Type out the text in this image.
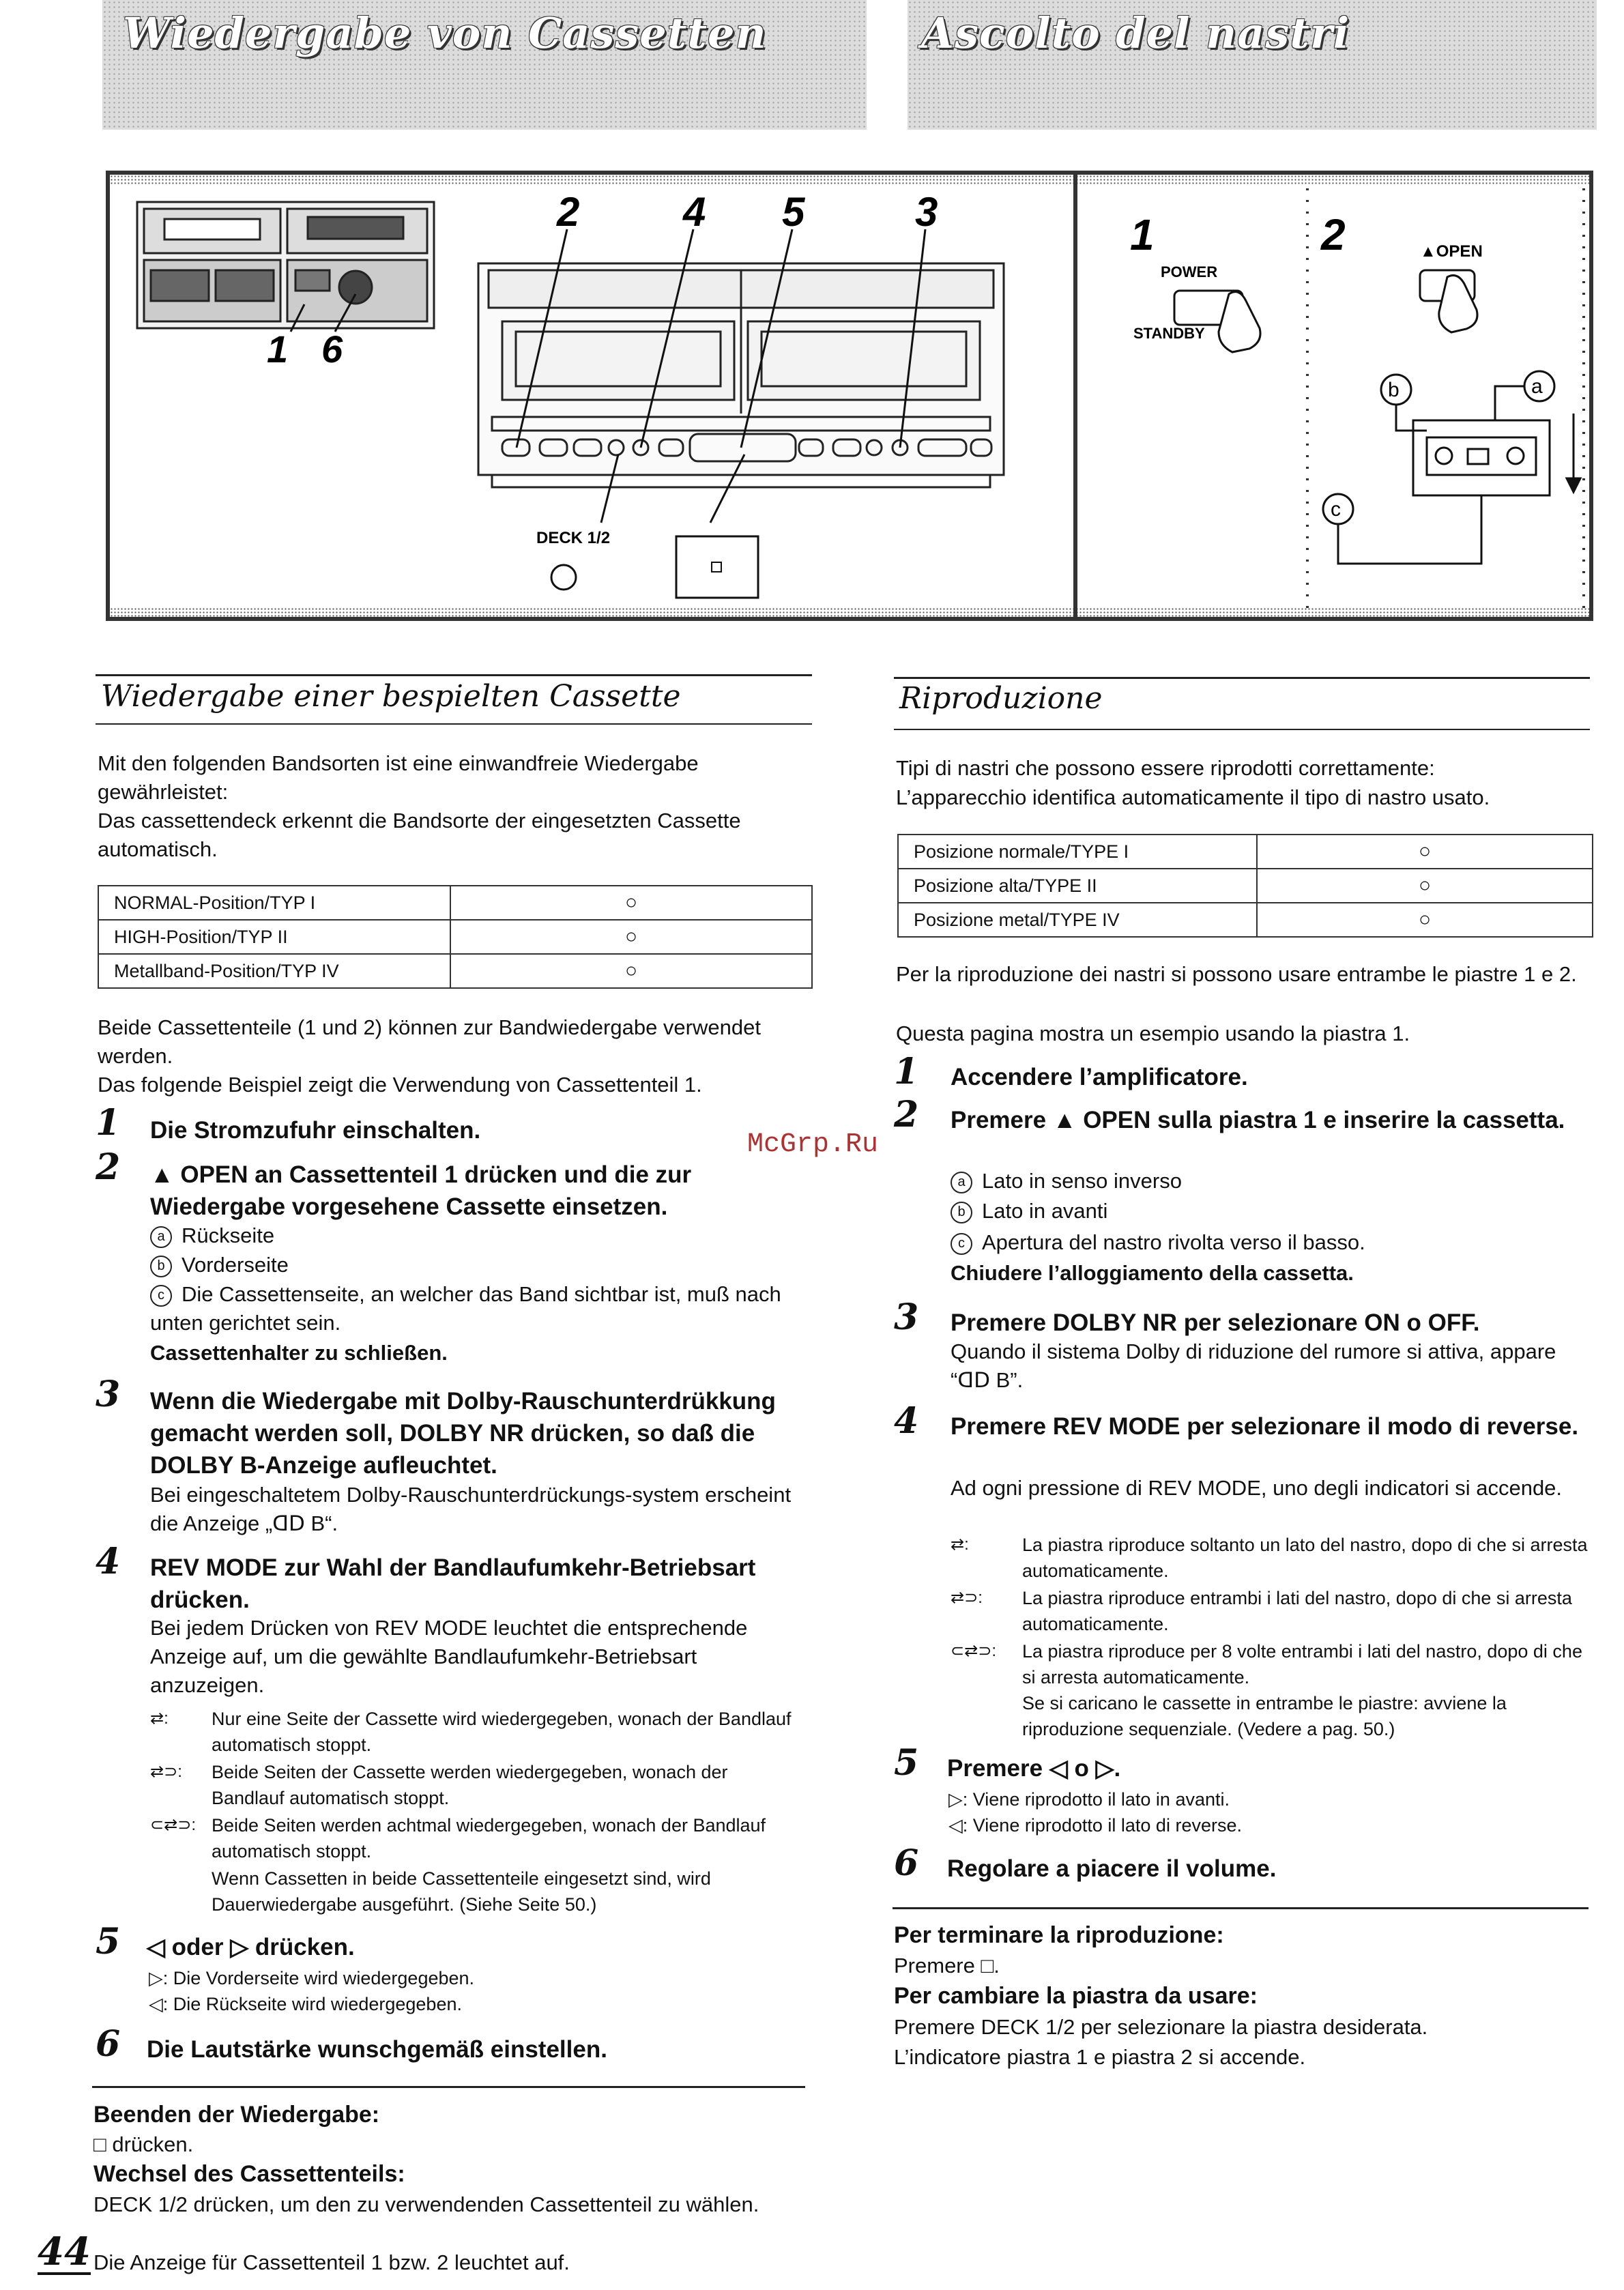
Wiedergabe von Cassetten	Ascolto del nastri
1 6
2	4 5	3
DECK 1/2
1
POWER
STANDBY
2	▲OPEN
a
b
c
Wiedergabe einer bespielten Cassette
Mit den folgenden Bandsorten ist eine einwandfreie Wiedergabe gewährleistet:
Das cassettendeck erkennt die Bandsorte der eingesetzten Cassette automatisch.
NORMAL-Position/TYP I	○
HIGH-Position/TYP II	○
Metallband-Position/TYP IV	○
Beide Cassettenteile (1 und 2) können zur Bandwiedergabe verwendet werden.
Das folgende Beispiel zeigt die Verwendung von Cassettenteil 1.
1 Die Stromzufuhr einschalten.
2 ▲ OPEN an Cassettenteil 1 drücken und die zur Wiedergabe vorgesehene Cassette einsetzen.
a Rückseite
b Vorderseite
c Die Cassettenseite, an welcher das Band sichtbar ist, muß nach unten gerichtet sein.
Cassettenhalter zu schließen.
3 Wenn die Wiedergabe mit Dolby-Rauschunterdrükkung gemacht werden soll, DOLBY NR drücken, so daß die DOLBY B-Anzeige aufleuchtet.
Bei eingeschaltetem Dolby-Rauschunterdrückungs-system erscheint die Anzeige „ᗡᗞ B“.
4 REV MODE zur Wahl der Bandlaufumkehr-Betriebsart drücken.
Bei jedem Drücken von REV MODE leuchtet die entsprechende Anzeige auf, um die gewählte Bandlaufumkehr-Betriebsart anzuzeigen.
⇄:	Nur eine Seite der Cassette wird wiedergegeben, wonach der Bandlauf automatisch stoppt.
⇄⊃:	Beide Seiten der Cassette werden wiedergegeben, wonach der Bandlauf automatisch stoppt.
⊂⇄⊃: Beide Seiten werden achtmal wiedergegeben, wonach der Bandlauf automatisch stoppt.
Wenn Cassetten in beide Cassettenteile eingesetzt sind, wird Dauerwiedergabe ausgeführt. (Siehe Seite 50.)
5 ◁ oder ▷ drücken.
▷: Die Vorderseite wird wiedergegeben.
◁: Die Rückseite wird wiedergegeben.
6 Die Lautstärke wunschgemäß einstellen.
Beenden der Wiedergabe:
□ drücken.
Wechsel des Cassettenteils:
DECK 1/2 drücken, um den zu verwendenden Cassettenteil zu wählen.
Die Anzeige für Cassettenteil 1 bzw. 2 leuchtet auf.
44
McGrp.Ru
Riproduzione
Tipi di nastri che possono essere riprodotti correttamente:
L’apparecchio identifica automaticamente il tipo di nastro usato.
Posizione normale/TYPE I	○
Posizione alta/TYPE II	○
Posizione metal/TYPE IV	○
Per la riproduzione dei nastri si possono usare entrambe le piastre 1 e 2.
Questa pagina mostra un esempio usando la piastra 1.
1 Accendere l’amplificatore.
2 Premere ▲ OPEN sulla piastra 1 e inserire la cassetta.
a Lato in senso inverso
b Lato in avanti
c Apertura del nastro rivolta verso il basso.
Chiudere l’alloggiamento della cassetta.
3 Premere DOLBY NR per selezionare ON o OFF.
Quando il sistema Dolby di riduzione del rumore si attiva, appare “ᗡᗞ B”.
4 Premere REV MODE per selezionare il modo di reverse.
Ad ogni pressione di REV MODE, uno degli indicatori si accende.
⇄:	La piastra riproduce soltanto un lato del nastro, dopo di che si arresta automaticamente.
⇄⊃:	La piastra riproduce entrambi i lati del nastro, dopo di che si arresta automaticamente.
⊂⇄⊃:	La piastra riproduce per 8 volte entrambi i lati del nastro, dopo di che si arresta automaticamente.
Se si caricano le cassette in entrambe le piastre: avviene la riproduzione sequenziale. (Vedere a pag. 50.)
5 Premere ◁ o ▷.
▷: Viene riprodotto il lato in avanti.
◁: Viene riprodotto il lato di reverse.
6 Regolare a piacere il volume.
Per terminare la riproduzione:
Premere □.
Per cambiare la piastra da usare:
Premere DECK 1/2 per selezionare la piastra desiderata.
L’indicatore piastra 1 e piastra 2 si accende.
